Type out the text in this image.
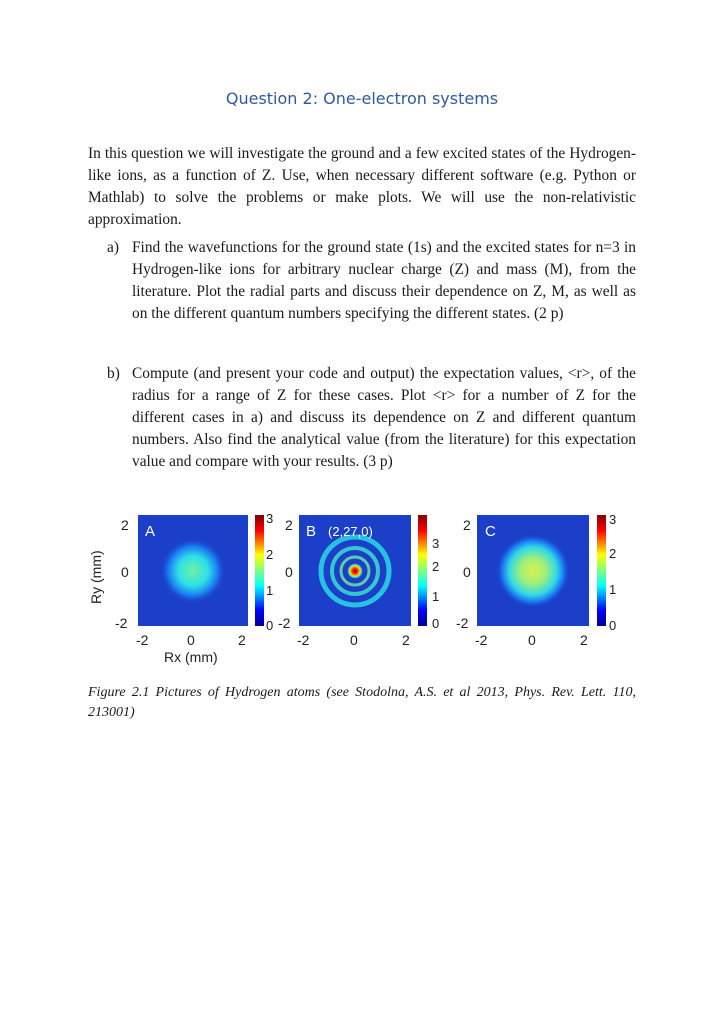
Question 2: One-electron systems

In this question we will investigate the ground and a few excited states of the Hydrogen-like ions, as a function of Z. Use, when necessary different software (e.g. Python or Mathlab) to solve the problems or make plots. We will use the non-relativistic approximation.

a) Find the wavefunctions for the ground state (1s) and the excited states for n=3 in Hydrogen-like ions for arbitrary nuclear charge (Z) and mass (M), from the literature. Plot the radial parts and discuss their dependence on Z, M, as well as on the different quantum numbers specifying the different states. (2 p)

b) Compute (and present your code and output) the expectation values, <r>, of the radius for a range of Z for these cases. Plot <r> for a number of Z for the different cases in a) and discuss its dependence on Z and different quantum numbers. Also find the analytical value (from the literature) for this expectation value and compare with your results. (3 p)

A
3
2
1
0
2
0
-2
-2	0	2
Ry (mm)
Rx (mm)
B (2,27,0)
3
2
1
0
2
0
-2
-2	0	2
C
3
2
1
0
2
0
-2
-2	0	2

Figure 2.1 Pictures of Hydrogen atoms (see Stodolna, A.S. et al 2013, Phys. Rev. Lett. 110, 213001)
